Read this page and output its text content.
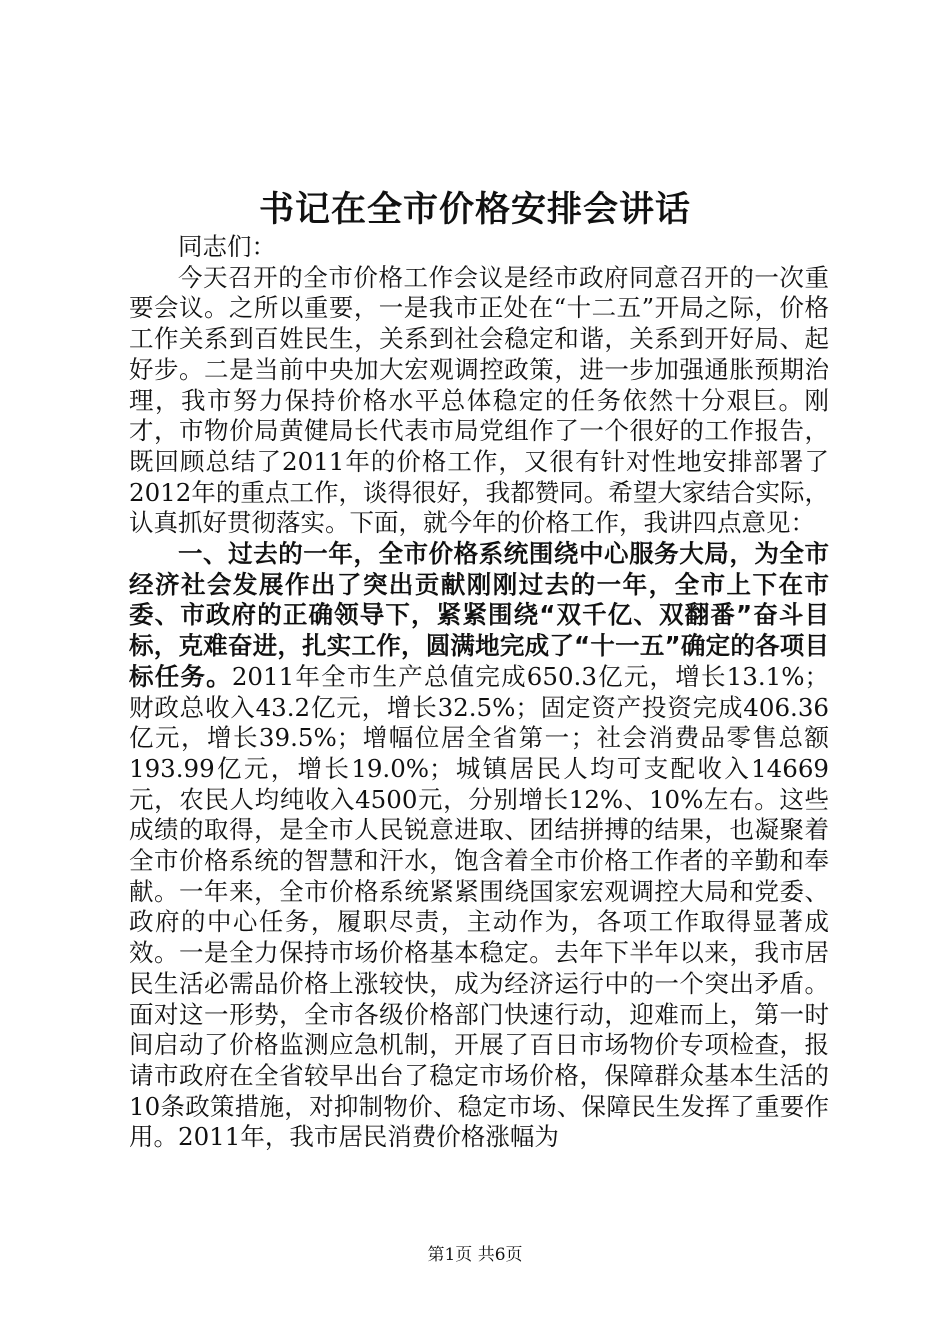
书记在全市价格安排会讲话

同志们：

今天召开的全市价格工作会议是经市政府同意召开的一次重要会议。之所以重要，一是我市正处在“十二五”开局之际，价格工作关系到百姓民生，关系到社会稳定和谐，关系到开好局、起好步。二是当前中央加大宏观调控政策，进一步加强通胀预期治理，我市努力保持价格水平总体稳定的任务依然十分艰巨。刚才，市物价局黄健局长代表市局党组作了一个很好的工作报告，既回顾总结了2011年的价格工作，又很有针对性地安排部署了2012年的重点工作，谈得很好，我都赞同。希望大家结合实际，认真抓好贯彻落实。下面，就今年的价格工作，我讲四点意见：

一、过去的一年，全市价格系统围绕中心服务大局，为全市经济社会发展作出了突出贡献刚刚过去的一年，全市上下在市委、市政府的正确领导下，紧紧围绕“双千亿、双翻番”奋斗目标，克难奋进，扎实工作，圆满地完成了“十一五”确定的各项目标任务。2011年全市生产总值完成650.3亿元，增长13.1%；财政总收入43.2亿元，增长32.5%；固定资产投资完成406.36亿元，增长39.5%；增幅位居全省第一；社会消费品零售总额193.99亿元，增长19.0%；城镇居民人均可支配收入14669元，农民人均纯收入4500元，分别增长12%、10%左右。这些成绩的取得，是全市人民锐意进取、团结拼搏的结果，也凝聚着全市价格系统的智慧和汗水，饱含着全市价格工作者的辛勤和奉献。一年来，全市价格系统紧紧围绕国家宏观调控大局和党委、政府的中心任务，履职尽责，主动作为，各项工作取得显著成效。一是全力保持市场价格基本稳定。去年下半年以来，我市居民生活必需品价格上涨较快，成为经济运行中的一个突出矛盾。面对这一形势，全市各级价格部门快速行动，迎难而上，第一时间启动了价格监测应急机制，开展了百日市场物价专项检查，报请市政府在全省较早出台了稳定市场价格，保障群众基本生活的10条政策措施，对抑制物价、稳定市场、保障民生发挥了重要作用。2011年，我市居民消费价格涨幅为

第1页 共6页
